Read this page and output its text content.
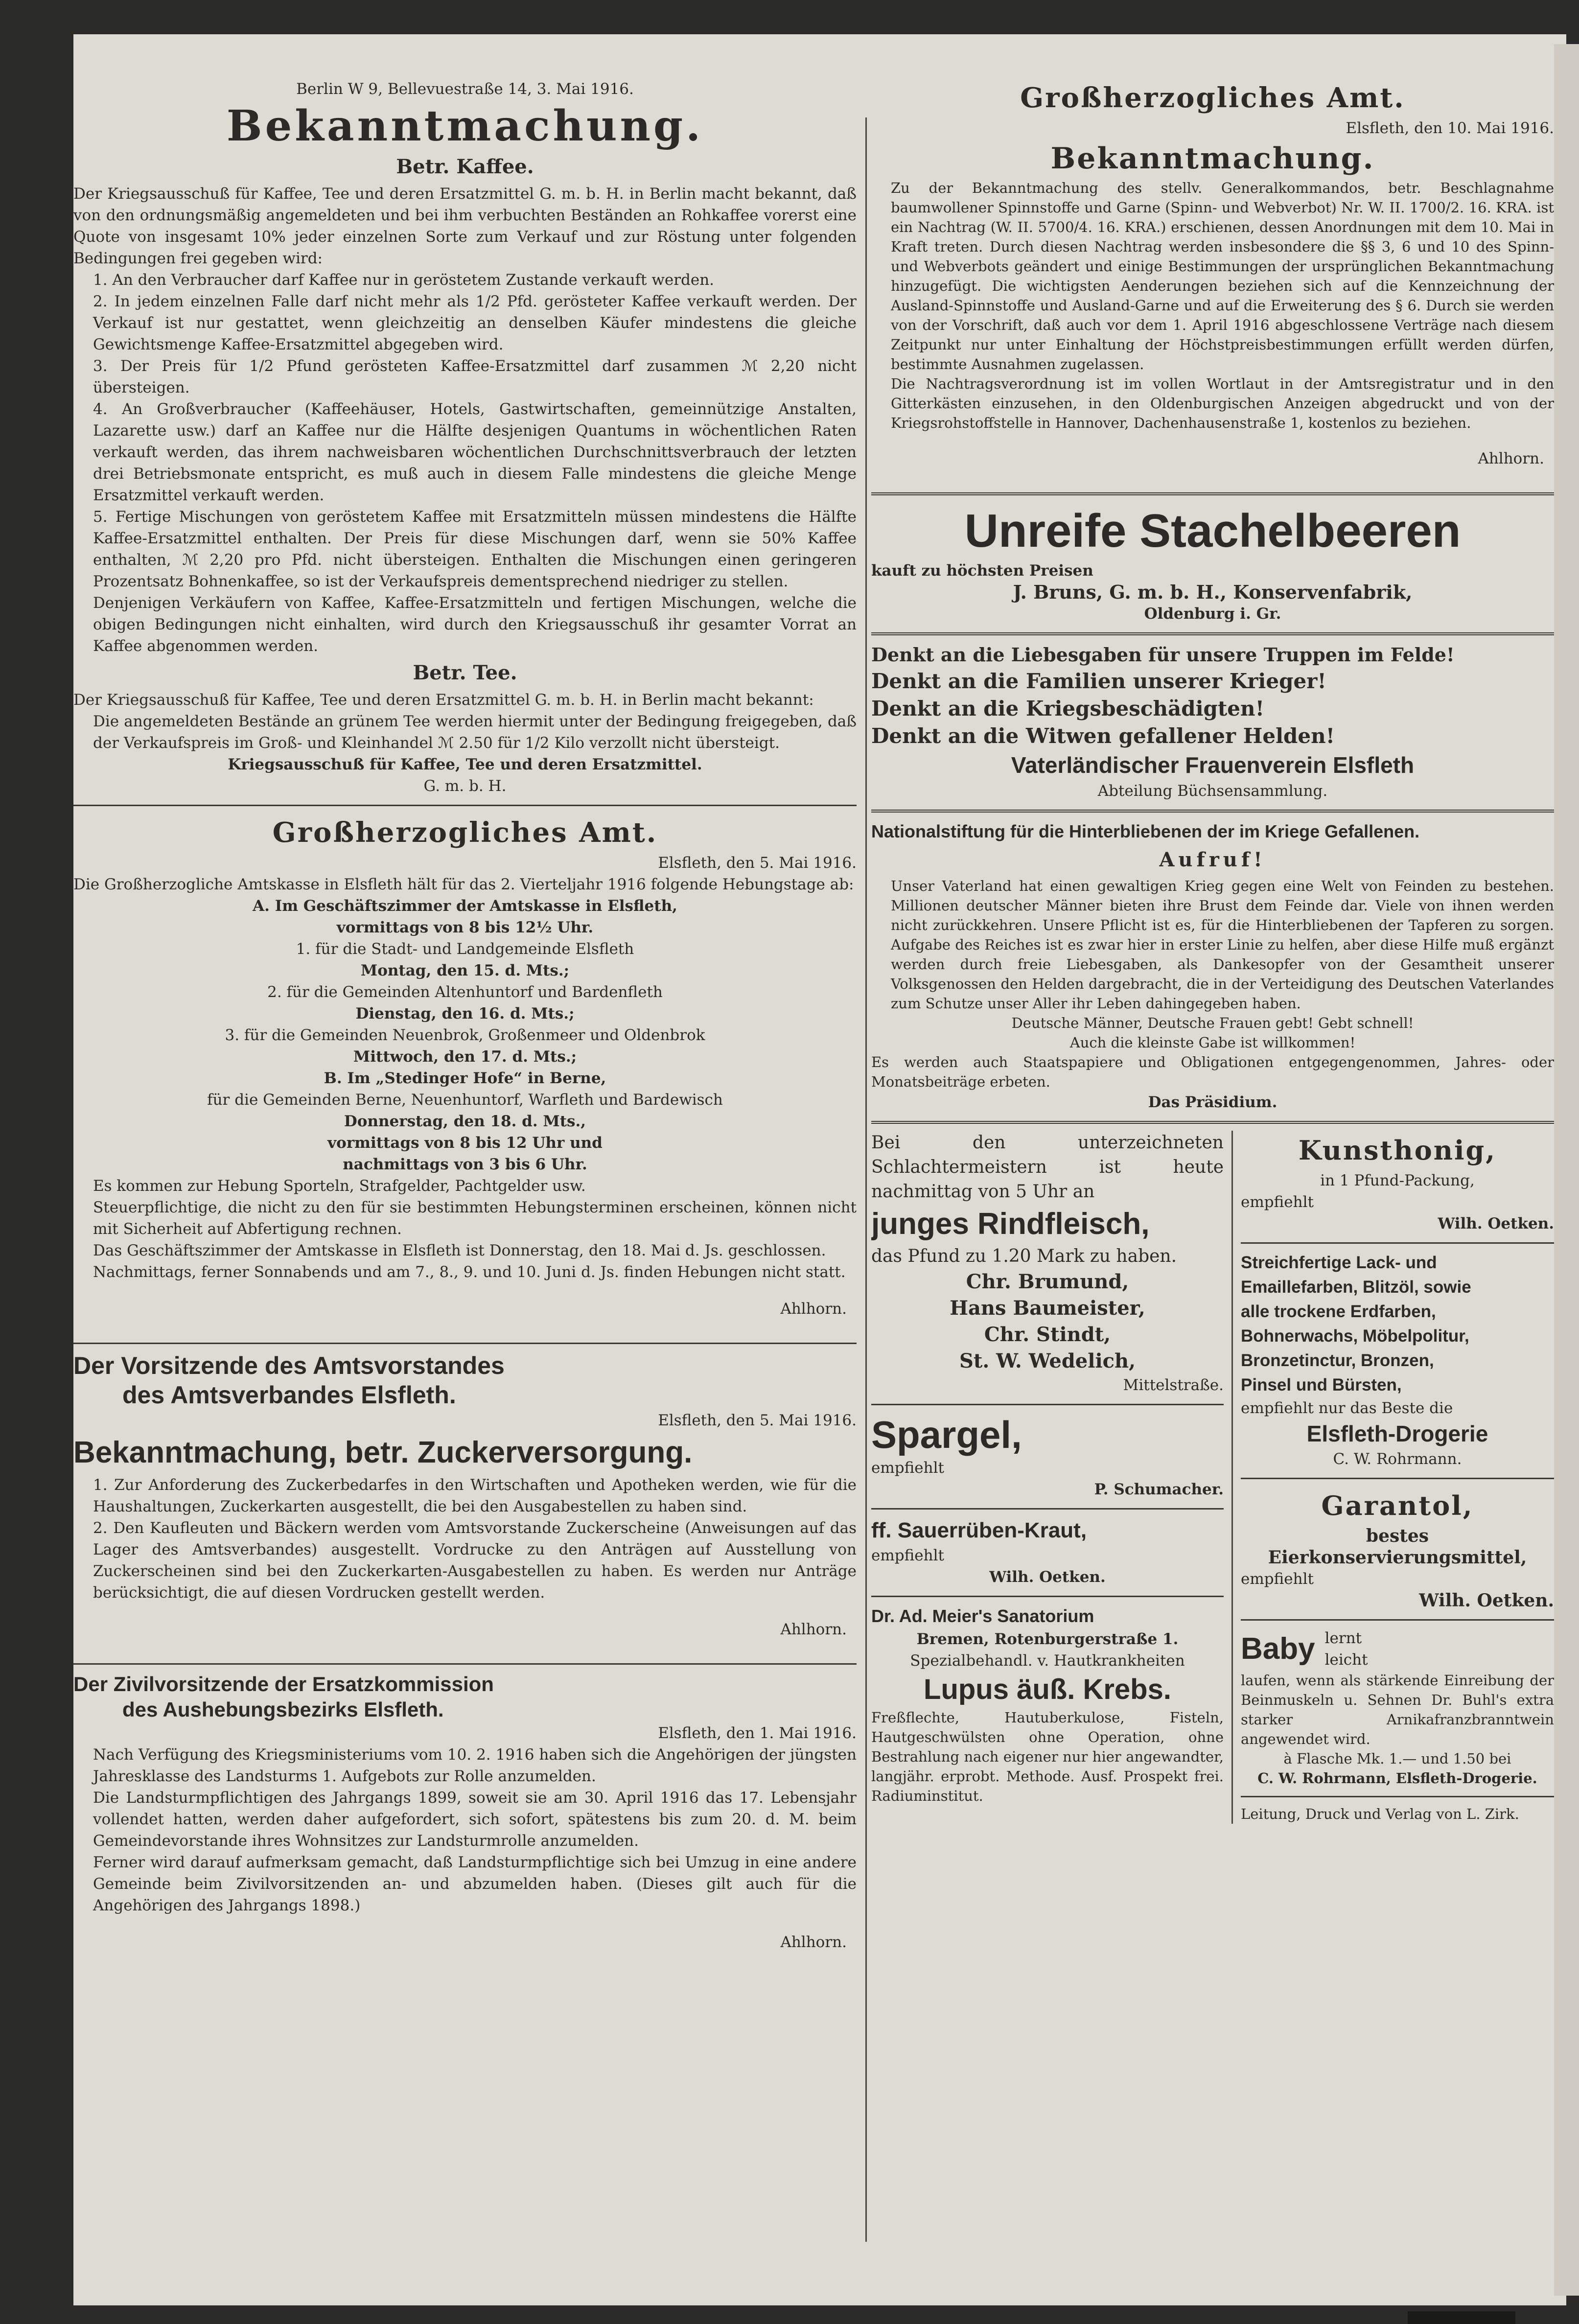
Berlin W 9, Bellevuestraße 14, 3. Mai 1916.

Bekanntmachung.

Betr. Kaffee.

Der Kriegsausschuß für Kaffee, Tee und deren Ersatzmittel G. m. b. H. in Berlin macht bekannt, daß von den ordnungsmäßig angemeldeten und bei ihm verbuchten Beständen an Rohkaffee vorerst eine Quote von insgesamt 10% jeder einzelnen Sorte zum Verkauf und zur Röstung unter folgenden Bedingungen frei gegeben wird:

1. An den Verbraucher darf Kaffee nur in geröstetem Zustande verkauft werden.

2. In jedem einzelnen Falle darf nicht mehr als 1/2 Pfd. gerösteter Kaffee verkauft werden. Der Verkauf ist nur gestattet, wenn gleichzeitig an denselben Käufer mindestens die gleiche Gewichtsmenge Kaffee-Ersatzmittel abgegeben wird.

3. Der Preis für 1/2 Pfund gerösteten Kaffee-Ersatzmittel darf zusammen ℳ 2,20 nicht übersteigen.

4. An Großverbraucher (Kaffeehäuser, Hotels, Gastwirtschaften, gemeinnützige Anstalten, Lazarette usw.) darf an Kaffee nur die Hälfte desjenigen Quantums in wöchentlichen Raten verkauft werden, das ihrem nachweisbaren wöchentlichen Durchschnittsverbrauch der letzten drei Betriebsmonate entspricht, es muß auch in diesem Falle mindestens die gleiche Menge Ersatzmittel verkauft werden.

5. Fertige Mischungen von geröstetem Kaffee mit Ersatzmitteln müssen mindestens die Hälfte Kaffee-Ersatzmittel enthalten. Der Preis für diese Mischungen darf, wenn sie 50% Kaffee enthalten, ℳ 2,20 pro Pfd. nicht übersteigen. Enthalten die Mischungen einen geringeren Prozentsatz Bohnenkaffee, so ist der Verkaufspreis dementsprechend niedriger zu stellen.

Denjenigen Verkäufern von Kaffee, Kaffee-Ersatzmitteln und fertigen Mischungen, welche die obigen Bedingungen nicht einhalten, wird durch den Kriegsausschuß ihr gesamter Vorrat an Kaffee abgenommen werden.

Betr. Tee.

Der Kriegsausschuß für Kaffee, Tee und deren Ersatzmittel G. m. b. H. in Berlin macht bekannt:

Die angemeldeten Bestände an grünem Tee werden hiermit unter der Bedingung freigegeben, daß der Verkaufspreis im Groß- und Kleinhandel ℳ 2.50 für 1/2 Kilo verzollt nicht übersteigt.

Kriegsausschuß für Kaffee, Tee und deren Ersatzmittel.

G. m. b. H.

Großherzogliches Amt.

Elsfleth, den 5. Mai 1916.

Die Großherzogliche Amtskasse in Elsfleth hält für das 2. Vierteljahr 1916 folgende Hebungstage ab:

A. Im Geschäftszimmer der Amtskasse in Elsfleth,

vormittags von 8 bis 12½ Uhr.

1. für die Stadt- und Landgemeinde Elsfleth

Montag, den 15. d. Mts.;

2. für die Gemeinden Altenhuntorf und Bardenfleth

Dienstag, den 16. d. Mts.;

3. für die Gemeinden Neuenbrok, Großenmeer und Oldenbrok

Mittwoch, den 17. d. Mts.;

B. Im „Stedinger Hofe“ in Berne,

für die Gemeinden Berne, Neuenhuntorf, Warfleth und Bardewisch

Donnerstag, den 18. d. Mts.,

vormittags von 8 bis 12 Uhr und

nachmittags von 3 bis 6 Uhr.

Es kommen zur Hebung Sporteln, Strafgelder, Pachtgelder usw.

Steuerpflichtige, die nicht zu den für sie bestimmten Hebungsterminen erscheinen, können nicht mit Sicherheit auf Abfertigung rechnen.

Das Geschäftszimmer der Amtskasse in Elsfleth ist Donnerstag, den 18. Mai d. Js. geschlossen.

Nachmittags, ferner Sonnabends und am 7., 8., 9. und 10. Juni d. Js. finden Hebungen nicht statt.

Ahlhorn.

Der Vorsitzende des Amtsvorstandes

des Amtsverbandes Elsfleth.

Elsfleth, den 5. Mai 1916.

Bekanntmachung, betr. Zuckerversorgung.

1. Zur Anforderung des Zuckerbedarfes in den Wirtschaften und Apotheken werden, wie für die Haushaltungen, Zuckerkarten ausgestellt, die bei den Ausgabestellen zu haben sind.

2. Den Kaufleuten und Bäckern werden vom Amtsvorstande Zuckerscheine (Anweisungen auf das Lager des Amtsverbandes) ausgestellt. Vordrucke zu den Anträgen auf Ausstellung von Zuckerscheinen sind bei den Zuckerkarten-Ausgabestellen zu haben. Es werden nur Anträge berücksichtigt, die auf diesen Vordrucken gestellt werden.

Ahlhorn.

Der Zivilvorsitzende der Ersatzkommission

des Aushebungsbezirks Elsfleth.

Elsfleth, den 1. Mai 1916.

Nach Verfügung des Kriegsministeriums vom 10. 2. 1916 haben sich die Angehörigen der jüngsten Jahresklasse des Landsturms 1. Aufgebots zur Rolle anzumelden.

Die Landsturmpflichtigen des Jahrgangs 1899, soweit sie am 30. April 1916 das 17. Lebensjahr vollendet hatten, werden daher aufgefordert, sich sofort, spätestens bis zum 20. d. M. beim Gemeindevorstande ihres Wohnsitzes zur Landsturmrolle anzumelden.

Ferner wird darauf aufmerksam gemacht, daß Landsturmpflichtige sich bei Umzug in eine andere Gemeinde beim Zivilvorsitzenden an- und abzumelden haben. (Dieses gilt auch für die Angehörigen des Jahrgangs 1898.)

Ahlhorn.

Großherzogliches Amt.

Elsfleth, den 10. Mai 1916.

Bekanntmachung.

Zu der Bekanntmachung des stellv. Generalkommandos, betr. Beschlagnahme baumwollener Spinnstoffe und Garne (Spinn- und Webverbot) Nr. W. II. 1700/2. 16. KRA. ist ein Nachtrag (W. II. 5700/4. 16. KRA.) erschienen, dessen Anordnungen mit dem 10. Mai in Kraft treten. Durch diesen Nachtrag werden insbesondere die §§ 3, 6 und 10 des Spinn- und Webverbots geändert und einige Bestimmungen der ursprünglichen Bekanntmachung hinzugefügt. Die wichtigsten Aenderungen beziehen sich auf die Kennzeichnung der Ausland-Spinnstoffe und Ausland-Garne und auf die Erweiterung des § 6. Durch sie werden von der Vorschrift, daß auch vor dem 1. April 1916 abgeschlossene Verträge nach diesem Zeitpunkt nur unter Einhaltung der Höchstpreisbestimmungen erfüllt werden dürfen, bestimmte Ausnahmen zugelassen.

Die Nachtragsverordnung ist im vollen Wortlaut in der Amtsregistratur und in den Gitterkästen einzusehen, in den Oldenburgischen Anzeigen abgedruckt und von der Kriegsrohstoffstelle in Hannover, Dachenhausenstraße 1, kostenlos zu beziehen.

Ahlhorn.

Unreife Stachelbeeren

kauft zu höchsten Preisen

J. Bruns, G. m. b. H., Konservenfabrik,

Oldenburg i. Gr.

Denkt an die Liebesgaben für unsere Truppen im Felde!

Denkt an die Familien unserer Krieger!

Denkt an die Kriegsbeschädigten!

Denkt an die Witwen gefallener Helden!

Vaterländischer Frauenverein Elsfleth

Abteilung Büchsensammlung.

Nationalstiftung für die Hinterbliebenen der im Kriege Gefallenen.

Aufruf!

Unser Vaterland hat einen gewaltigen Krieg gegen eine Welt von Feinden zu bestehen. Millionen deutscher Männer bieten ihre Brust dem Feinde dar. Viele von ihnen werden nicht zurückkehren. Unsere Pflicht ist es, für die Hinterbliebenen der Tapferen zu sorgen. Aufgabe des Reiches ist es zwar hier in erster Linie zu helfen, aber diese Hilfe muß ergänzt werden durch freie Liebesgaben, als Dankesopfer von der Gesamtheit unserer Volksgenossen den Helden dargebracht, die in der Verteidigung des Deutschen Vaterlandes zum Schutze unser Aller ihr Leben dahingegeben haben.

Deutsche Männer, Deutsche Frauen gebt! Gebt schnell!

Auch die kleinste Gabe ist willkommen!

Es werden auch Staatspapiere und Obligationen entgegengenommen, Jahres- oder Monatsbeiträge erbeten.

Das Präsidium.

Bei den unterzeichneten Schlachtermeistern ist heute nachmittag von 5 Uhr an

junges Rindfleisch,

das Pfund zu 1.20 Mark zu haben.

Chr. Brumund,

Hans Baumeister,

Chr. Stindt,

St. W. Wedelich,

Mittelstraße.

Spargel,

empfiehlt

P. Schumacher.

ff. Sauerrüben-Kraut,

empfiehlt

Wilh. Oetken.

Dr. Ad. Meier's Sanatorium

Bremen, Rotenburgerstraße 1.

Spezialbehandl. v. Hautkrankheiten

Lupus äuß. Krebs.

Freßflechte, Hautuberkulose, Fisteln, Hautgeschwülsten ohne Operation, ohne Bestrahlung nach eigener nur hier angewandter, langjähr. erprobt. Methode. Ausf. Prospekt frei. Radiuminstitut.

Kunsthonig,

in 1 Pfund-Packung,

empfiehlt

Wilh. Oetken.

Streichfertige Lack- und

Emaillefarben, Blitzöl, sowie

alle trockene Erdfarben,

Bohnerwachs, Möbelpolitur,

Bronzetinctur, Bronzen,

Pinsel und Bürsten,

empfiehlt nur das Beste die

Elsfleth-Drogerie

C. W. Rohrmann.

Garantol,

bestes Eierkonservierungsmittel,

empfiehlt

Wilh. Oetken.

Baby lernt
leicht

laufen, wenn als stärkende Einreibung der Beinmuskeln u. Sehnen Dr. Buhl's extra starker Arnikafranzbranntwein angewendet wird.

à Flasche Mk. 1.— und 1.50 bei

C. W. Rohrmann, Elsfleth-Drogerie.

Leitung, Druck und Verlag von L. Zirk.
